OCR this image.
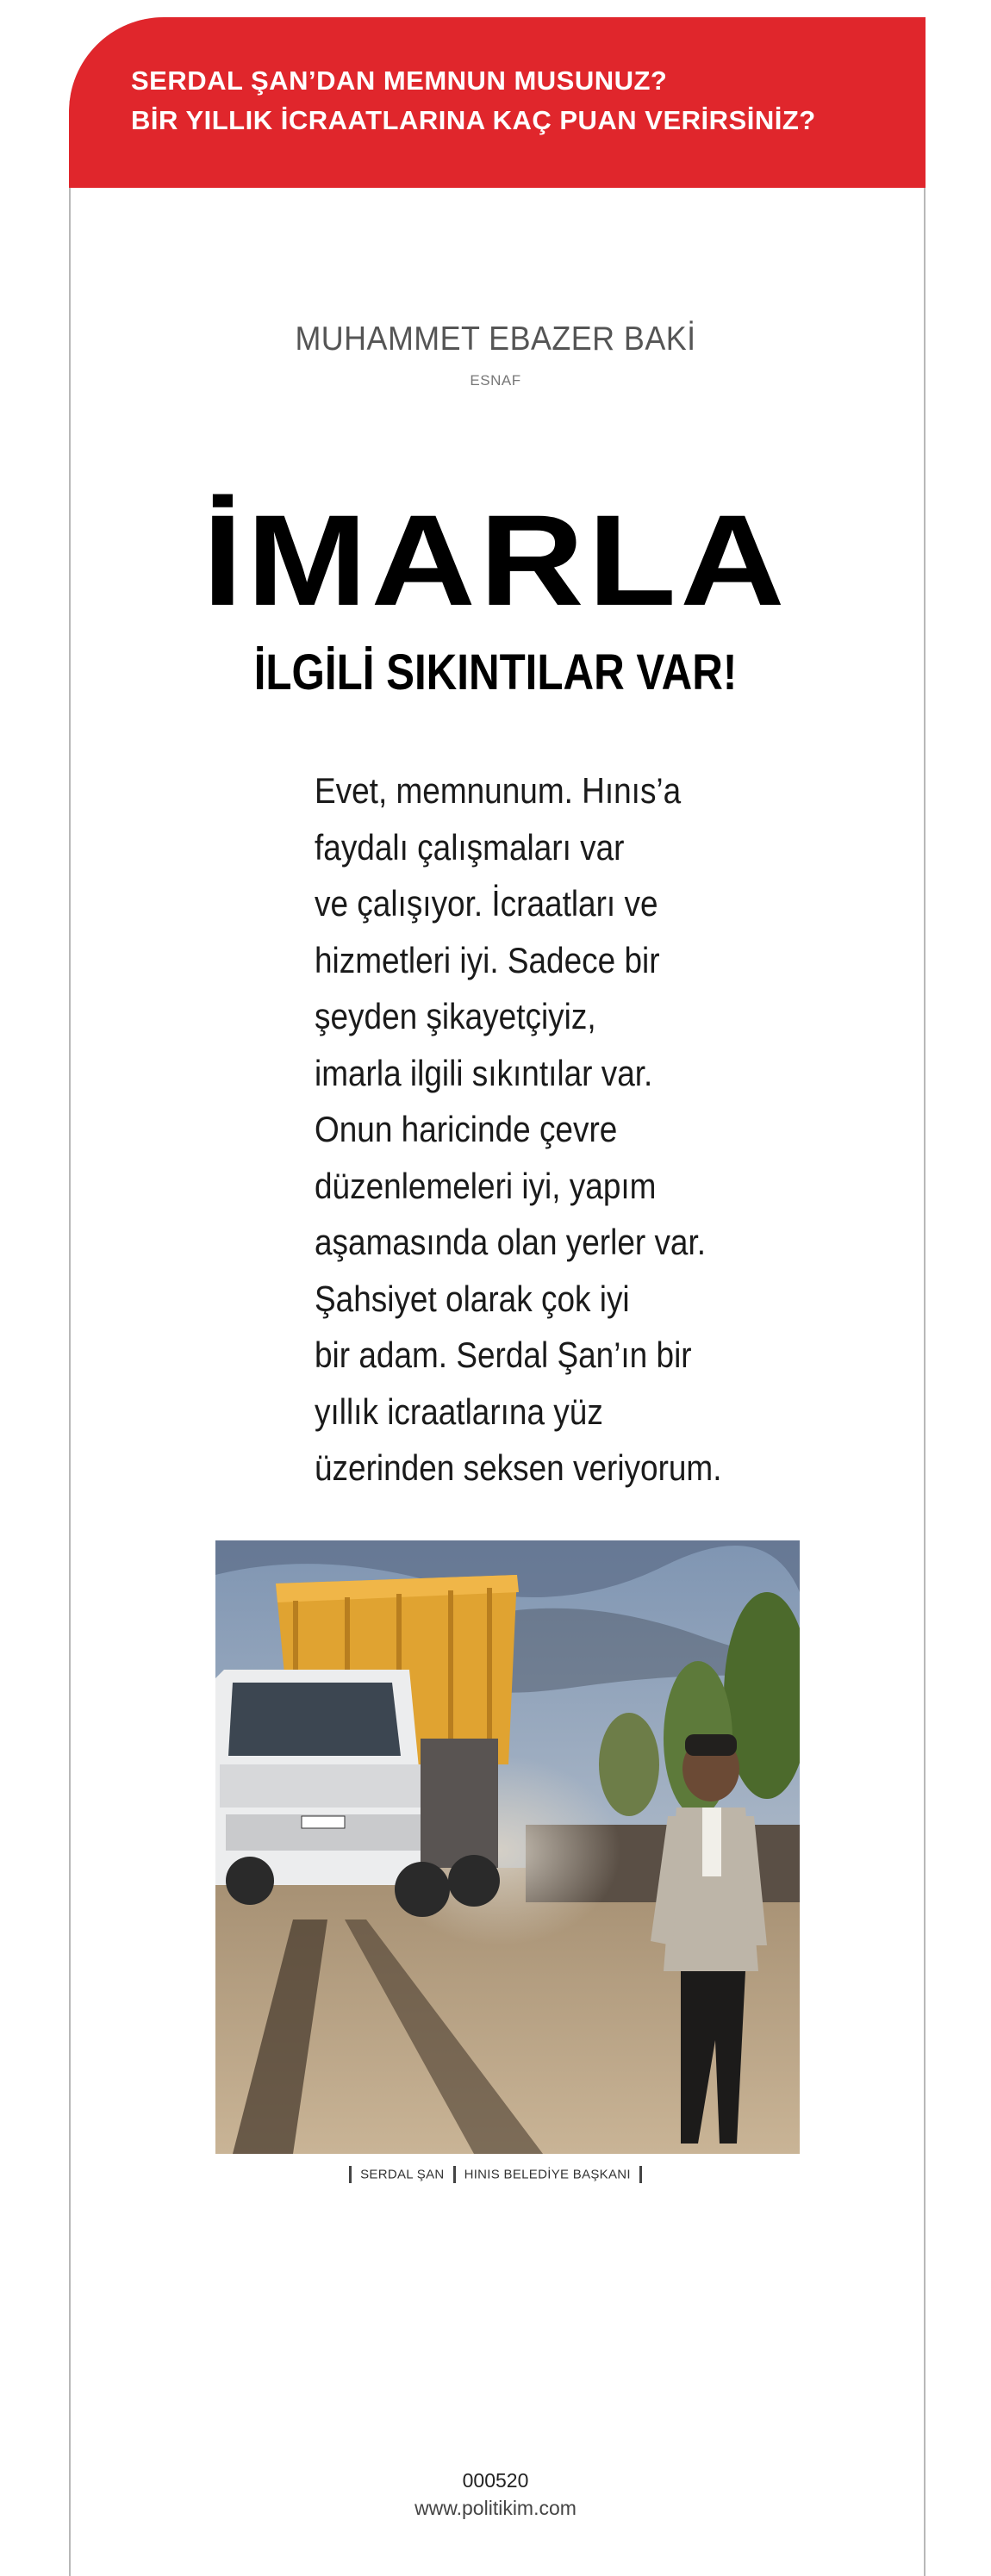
SERDAL ŞAN’DAN MEMNUN MUSUNUZ?
BİR YILLIK İCRAATLARINA KAÇ PUAN VERİRSİNİZ?
MUHAMMET EBAZER BAKİ
ESNAF
İMARLA
İLGİLİ SIKINTILAR VAR!
Evet, memnunum. Hınıs’a
faydalı çalışmaları var
ve çalışıyor. İcraatları ve
hizmetleri iyi. Sadece bir
şeyden şikayetçiyiz,
imarla ilgili sıkıntılar var.
Onun haricinde çevre
düzenlemeleri iyi, yapım
aşamasında olan yerler var.
Şahsiyet olarak çok iyi
bir adam. Serdal Şan’ın bir
yıllık icraatlarına yüz
üzerinden seksen veriyorum.
SERDAL ŞAN HINIS BELEDİYE BAŞKANI
000520
www.politikim.com
